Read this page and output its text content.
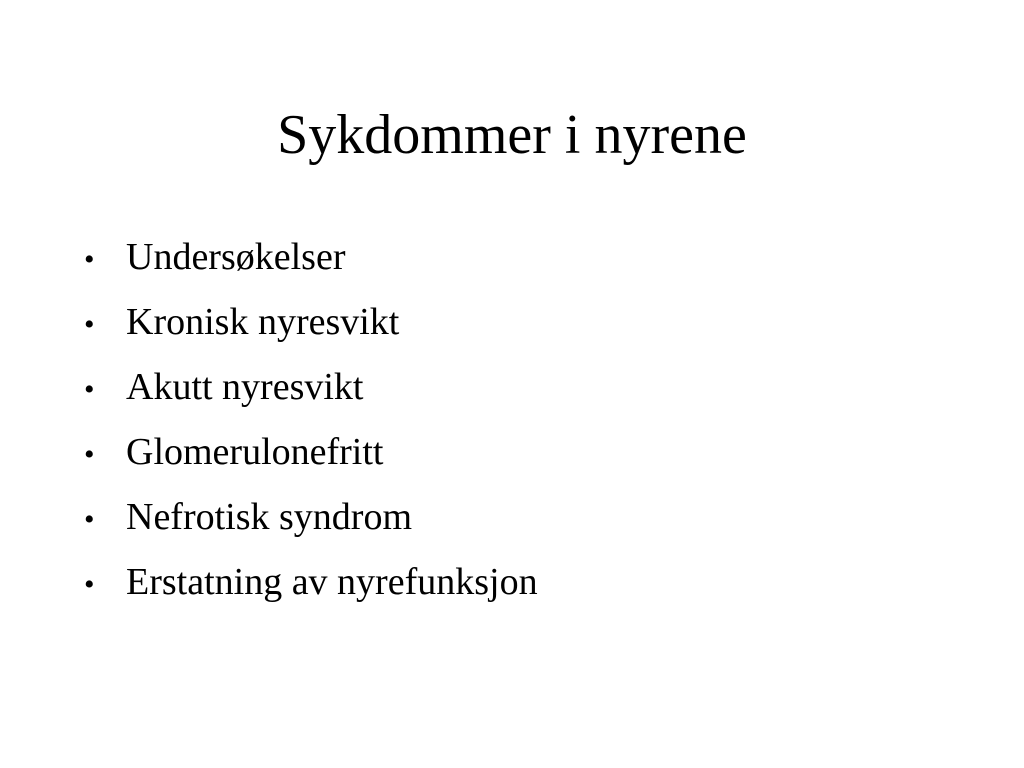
Sykdommer i nyrene
• Undersøkelser
• Kronisk nyresvikt
• Akutt nyresvikt
• Glomerulonefritt
• Nefrotisk syndrom
• Erstatning av nyrefunksjon
